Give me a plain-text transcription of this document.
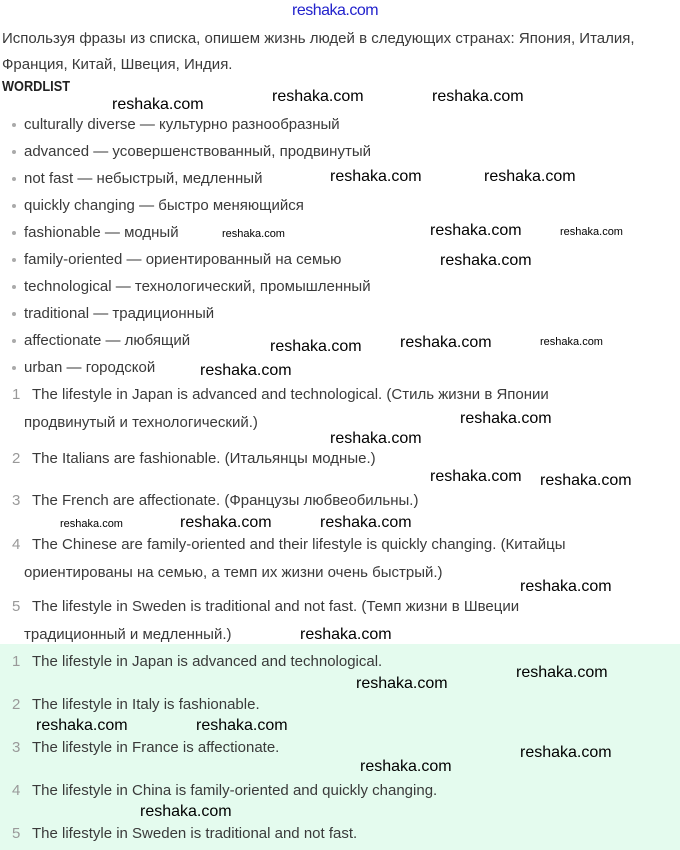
reshaka.com
Используя фразы из списка, опишем жизнь людей в следующих странах: Япония, Италия, Франция, Китай, Швеция, Индия.
WORDLIST
culturally diverse — культурно разнообразный
advanced — усовершенствованный, продвинутый
not fast — небыстрый, медленный
quickly changing — быстро меняющийся
fashionable — модный
family-oriented — ориентированный на семью
technological — технологический, промышленный
traditional — традиционный
affectionate — любящий
urban — городской
1 The lifestyle in Japan is advanced and technological. (Стиль жизни в Японии
продвинутый и технологический.)
2 The Italians are fashionable. (Итальянцы модные.)
3 The French are affectionate. (Французы любвеобильны.)
4 The Chinese are family-oriented and their lifestyle is quickly changing. (Китайцы
ориентированы на семью, а темп их жизни очень быстрый.)
5 The lifestyle in Sweden is traditional and not fast. (Темп жизни в Швеции
традиционный и медленный.)
1 The lifestyle in Japan is advanced and technological.
2 The lifestyle in Italy is fashionable.
3 The lifestyle in France is affectionate.
4 The lifestyle in China is family-oriented and quickly changing.
5 The lifestyle in Sweden is traditional and not fast.
reshaka.com	reshaka.com
reshaka.com
reshaka.com	reshaka.com
reshaka.com	reshaka.com
reshaka.com
reshaka.com
reshaka.com	reshaka.com
reshaka.com
reshaka.com
reshaka.com
reshaka.com
reshaka.com reshaka.com
reshaka.com
reshaka.com
reshaka.com
reshaka.com
reshaka.com
reshaka.com
reshaka.com
reshaka.com
reshaka.com
reshaka.com
reshaka.com
reshaka.com
